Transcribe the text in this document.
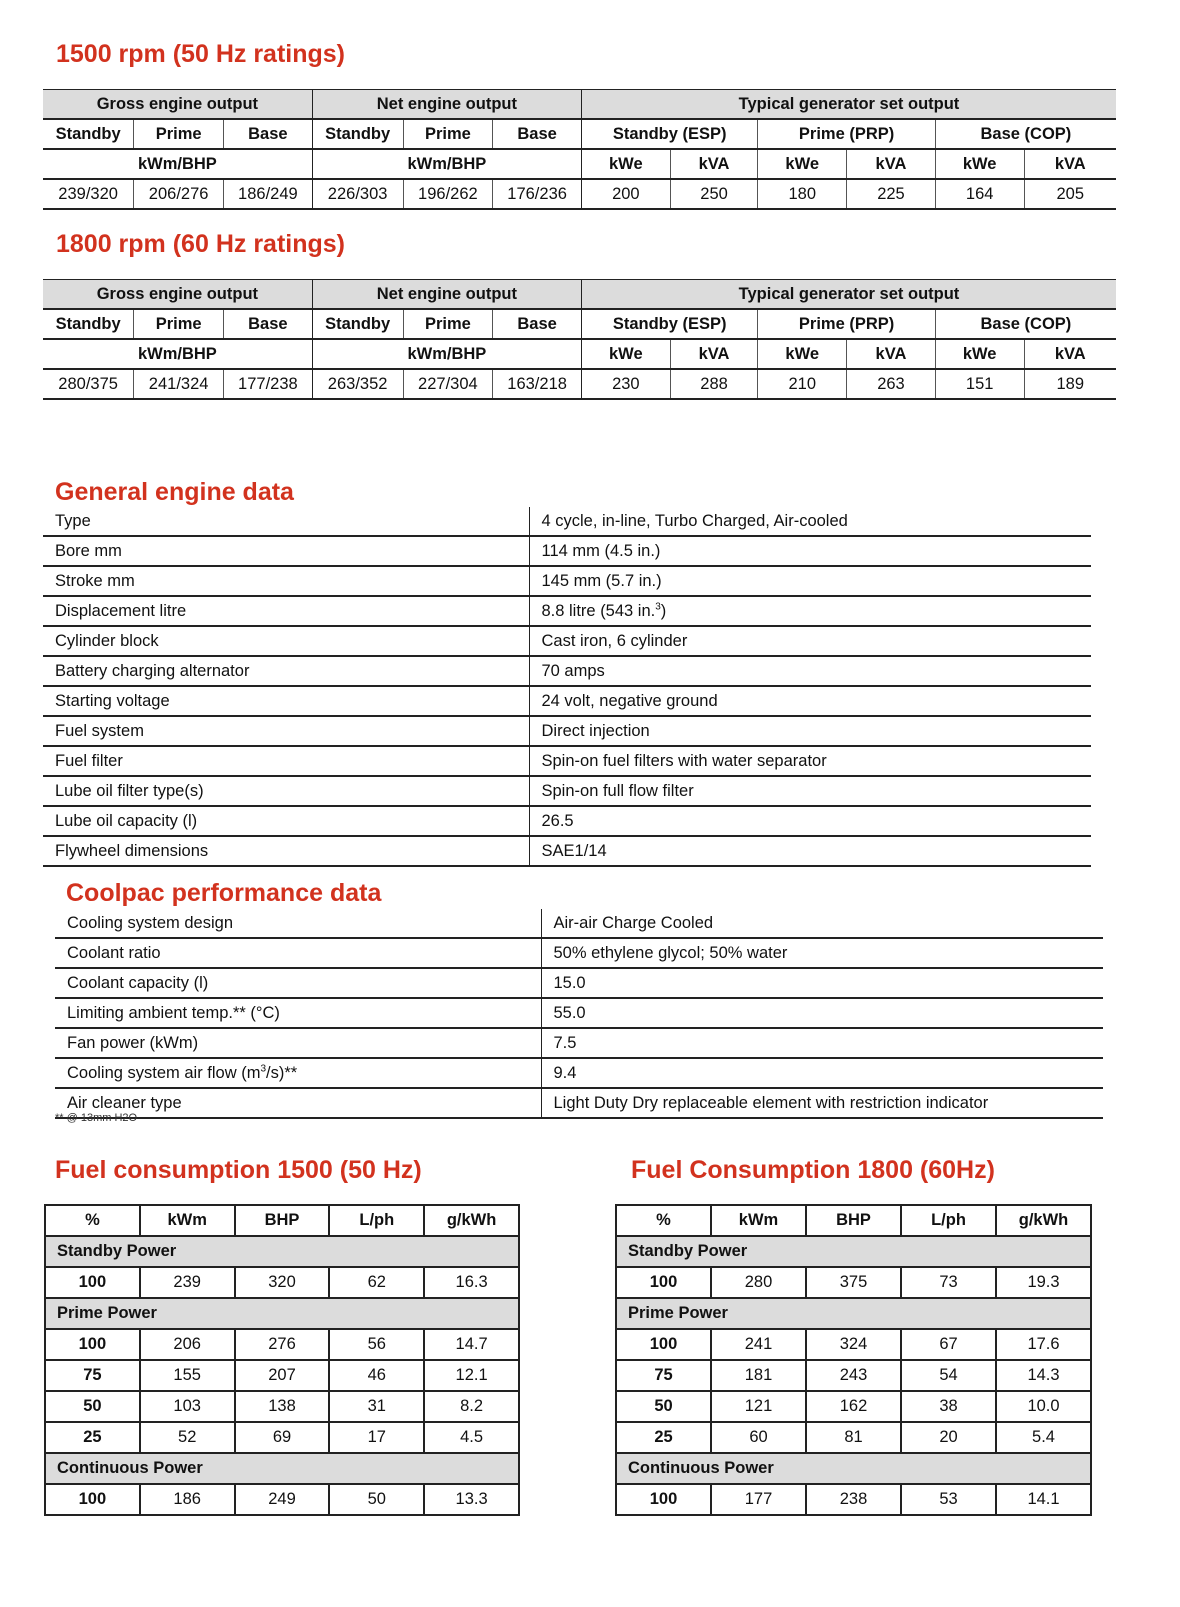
1500 rpm (50 Hz ratings)
Gross engine output			Net engine output			Typical generator set output					
Standby	Prime	Base	Standby	Prime	Base	Standby (ESP)		Prime (PRP)		Base (COP)	
kWm/BHP			kWm/BHP			kWe	kVA	kWe	kVA	kWe	kVA
239/320	206/276	186/249	226/303	196/262	176/236	200	250	180	225	164	205
1800 rpm (60 Hz ratings)
Gross engine output			Net engine output			Typical generator set output					
Standby	Prime	Base	Standby	Prime	Base	Standby (ESP)		Prime (PRP)		Base (COP)	
kWm/BHP			kWm/BHP			kWe	kVA	kWe	kVA	kWe	kVA
280/375	241/324	177/238	263/352	227/304	163/218	230	288	210	263	151	189
General engine data
Type	4 cycle, in-line, Turbo Charged, Air-cooled
Bore mm	114 mm (4.5 in.)
Stroke mm	145 mm (5.7 in.)
Displacement litre	8.8 litre (543 in.$^3$)
Cylinder block	Cast iron, 6 cylinder
Battery charging alternator	70 amps
Starting voltage	24 volt, negative ground
Fuel system	Direct injection
Fuel filter	Spin-on fuel filters with water separator
Lube oil filter type(s)	Spin-on full flow filter
Lube oil capacity (l)	26.5
Flywheel dimensions	SAE1/14
Coolpac performance data
Cooling system design	Air-air Charge Cooled
Coolant ratio	50% ethylene glycol; 50% water
Coolant capacity (l)	15.0
Limiting ambient temp.** (°C)	55.0
Fan power (kWm)	7.5
Cooling system air flow $(m^3/s)**$	9.4
Air cleaner type	Light Duty Dry replaceable element with restriction indicator
** @ 13mm H2O
Fuel consumption 1500 (50 Hz)
%	kWm	BHP	L/ph	g/kWh
Standby Power				
100	239	320	62	16.3
Prime Power				
100	206	276	56	14.7
75	155	207	46	12.1
50	103	138	31	8.2
25	52	69	17	4.5
Continuous Power				
100	186	249	50	13.3
Fuel Consumption 1800 (60Hz)
%	kWm	BHP	L/ph	g/kWh
Standby Power				
100	280	375	73	19.3
Prime Power				
100	241	324	67	17.6
75	181	243	54	14.3
50	121	162	38	10.0
25	60	81	20	5.4
Continuous Power				
100	177	238	53	14.1
